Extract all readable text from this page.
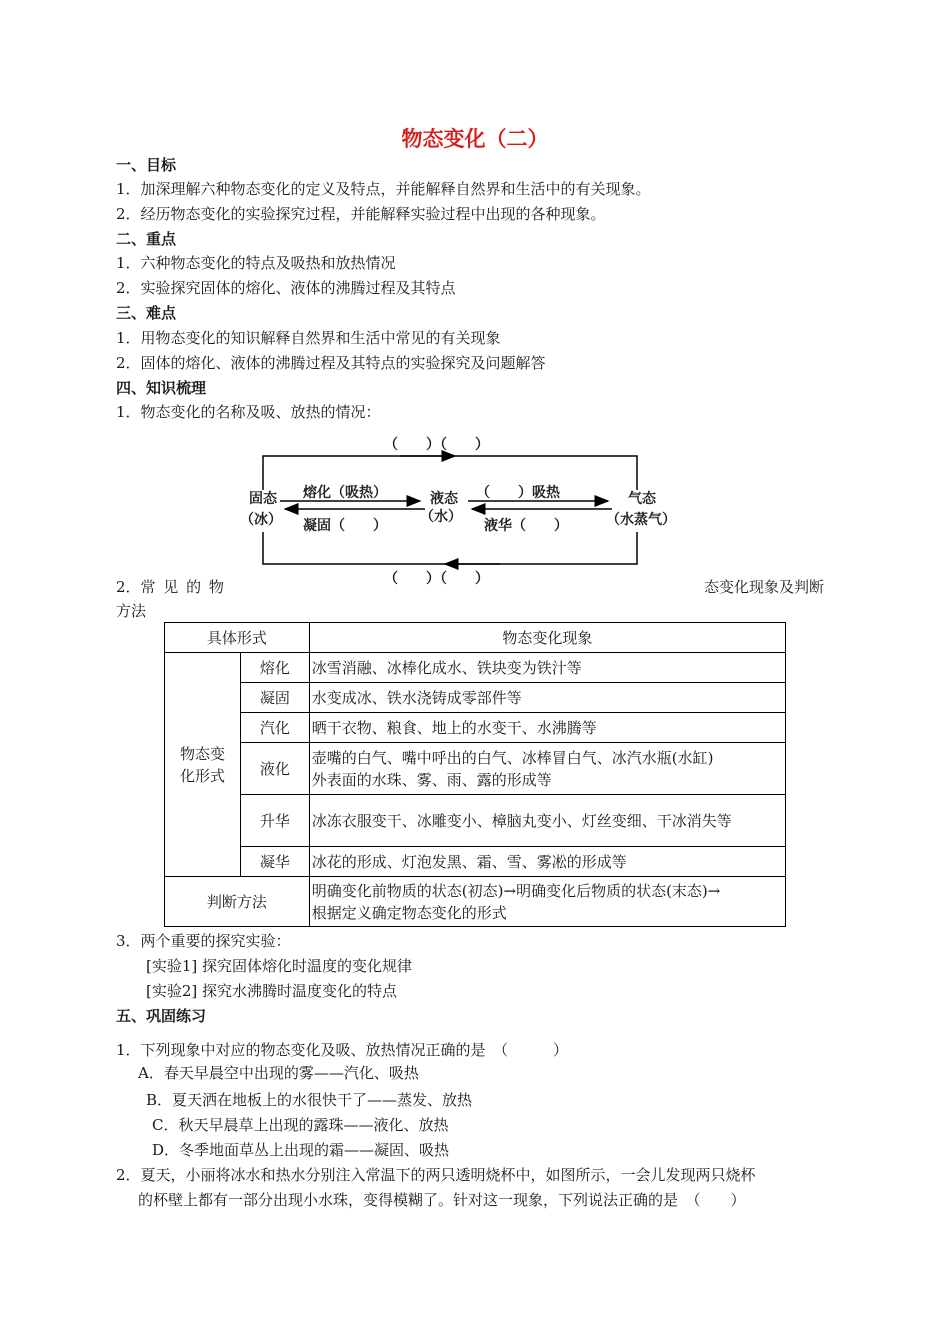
物态变化（二）
一、目标
1．加深理解六种物态变化的定义及特点，并能解释自然界和生活中的有关现象。
2．经历物态变化的实验探究过程，并能解释实验过程中出现的各种现象。
二、重点
1．六种物态变化的特点及吸热和放热情况
2．实验探究固体的熔化、液体的沸腾过程及其特点
三、难点
1．用物态变化的知识解释自然界和生活中常见的有关现象
2．固体的熔化、液体的沸腾过程及其特点的实验探究及问题解答
四、知识梳理
1．物态变化的名称及吸、放热的情况：
（　　）（　　）
（　　）（　　）
固态
（冰）
液态
（水）
气态
（水蒸气）
熔化（吸热）
凝固（　　）
（　　）吸热
液华（　　）
2．常 见 的 物	态变化现象及判断
方法
具体形式		物态变化现象

物态变
化形式	熔化	冰雪消融、冰棒化成水、铁块变为铁汁等
	凝固	水变成冰、铁水浇铸成零部件等
	汽化	晒干衣物、粮食、地上的水变干、水沸腾等
	液化	壶嘴的白气、嘴中呼出的白气、冰棒冒白气、冰汽水瓶(水缸)
外表面的水珠、雾、雨、露的形成等

	升华	冰冻衣服变干、冰雕变小、樟脑丸变小、灯丝变细、干冰消失等
	凝华	冰花的形成、灯泡发黑、霜、雪、雾凇的形成等
判断方法		明确变化前物质的状态(初态)→明确变化后物质的状态(末态)→
根据定义确定物态变化的形式
3．两个重要的探究实验：
[实验1] 探究固体熔化时温度的变化规律
[实验2] 探究水沸腾时温度变化的特点
五、巩固练习
1．下列现象中对应的物态变化及吸、放热情况正确的是　（　　　）
A．春天早晨空中出现的雾——汽化、吸热
B．夏天洒在地板上的水很快干了——蒸发、放热
C．秋天早晨草上出现的露珠——液化、放热
D．冬季地面草丛上出现的霜——凝固、吸热
2．夏天，小丽将冰水和热水分别注入常温下的两只透明烧杯中，如图所示，一会儿发现两只烧杯
的杯壁上都有一部分出现小水珠，变得模糊了。针对这一现象，下列说法正确的是　（　　）
